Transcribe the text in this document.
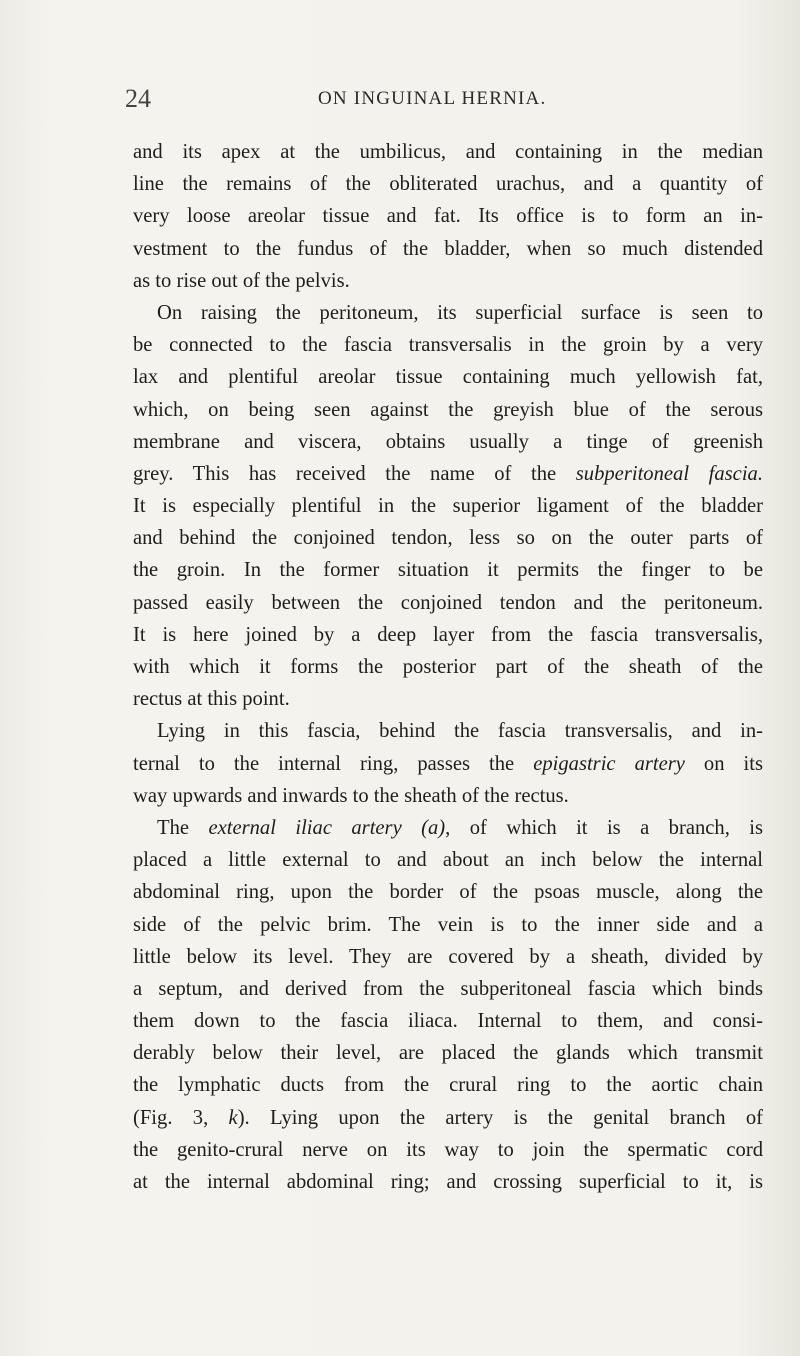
24	ON INGUINAL HERNIA.
and its apex at the umbilicus, and containing in the median
line the remains of the obliterated urachus, and a quantity of
very loose areolar tissue and fat. Its office is to form an in-
vestment to the fundus of the bladder, when so much distended
as to rise out of the pelvis.
On raising the peritoneum, its superficial surface is seen to
be connected to the fascia transversalis in the groin by a very
lax and plentiful areolar tissue containing much yellowish fat,
which, on being seen against the greyish blue of the serous
membrane and viscera, obtains usually a tinge of greenish
grey. This has received the name of the subperitoneal fascia.
It is especially plentiful in the superior ligament of the bladder
and behind the conjoined tendon, less so on the outer parts of
the groin. In the former situation it permits the finger to be
passed easily between the conjoined tendon and the peritoneum.
It is here joined by a deep layer from the fascia transversalis,
with which it forms the posterior part of the sheath of the
rectus at this point.
Lying in this fascia, behind the fascia transversalis, and in-
ternal to the internal ring, passes the epigastric artery on its
way upwards and inwards to the sheath of the rectus.
The external iliac artery (a), of which it is a branch, is
placed a little external to and about an inch below the internal
abdominal ring, upon the border of the psoas muscle, along the
side of the pelvic brim. The vein is to the inner side and a
little below its level. They are covered by a sheath, divided by
a septum, and derived from the subperitoneal fascia which binds
them down to the fascia iliaca. Internal to them, and consi-
derably below their level, are placed the glands which transmit
the lymphatic ducts from the crural ring to the aortic chain
(Fig. 3, k). Lying upon the artery is the genital branch of
the genito-crural nerve on its way to join the spermatic cord
at the internal abdominal ring; and crossing superficial to it, is
